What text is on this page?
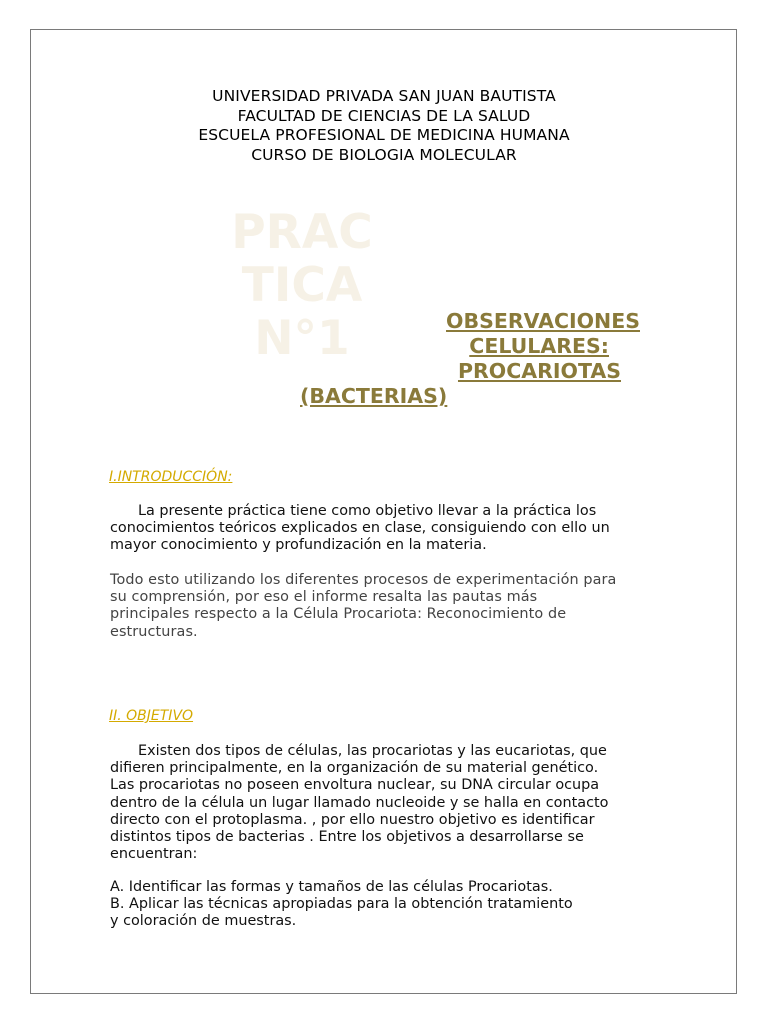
UNIVERSIDAD PRIVADA SAN JUAN BAUTISTA
FACULTAD DE CIENCIAS DE LA SALUD
ESCUELA PROFESIONAL DE MEDICINA HUMANA
CURSO DE BIOLOGIA MOLECULAR
PRAC
TICA
N°1	OBSERVACIONES
CELULARES:
PROCARIOTAS
(BACTERIAS)
I.INTRODUCCIÓN:
La presente práctica tiene como objetivo llevar a la práctica los
conocimientos teóricos explicados en clase, consiguiendo con ello un
mayor conocimiento y profundización en la materia.
Todo esto utilizando los diferentes procesos de experimentación para
su comprensión, por eso el informe resalta las pautas más
principales respecto a la Célula Procariota: Reconocimiento de
estructuras.
II. OBJETIVO
Existen dos tipos de células, las procariotas y las eucariotas, que
difieren principalmente, en la organización de su material genético.
Las procariotas no poseen envoltura nuclear, su DNA circular ocupa
dentro de la célula un lugar llamado nucleoide y se halla en contacto
directo con el protoplasma. , por ello nuestro objetivo es identificar
distintos tipos de bacterias . Entre los objetivos a desarrollarse se
encuentran:
A. Identificar las formas y tamaños de las células Procariotas.
B. Aplicar las técnicas apropiadas para la obtención tratamiento
y coloración de muestras.
